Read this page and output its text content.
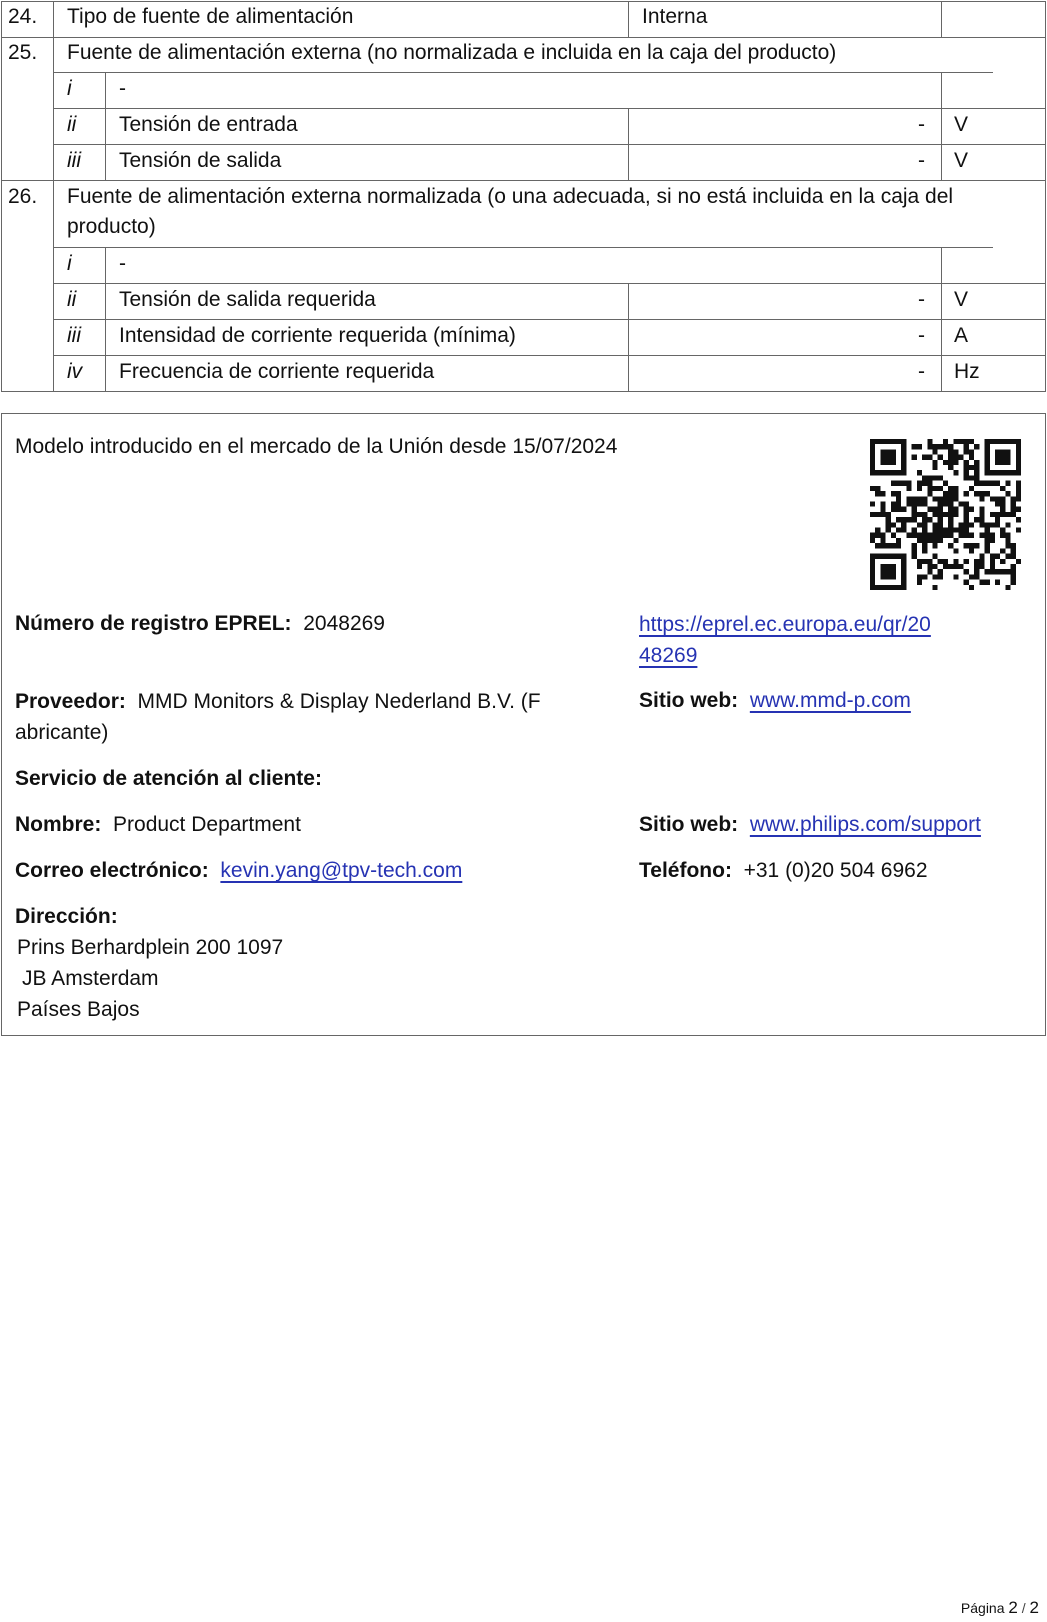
24. Tipo de fuente de alimentación	Interna
25. Fuente de alimentación externa (no normalizada e incluida en la caja del producto)
i -
ii Tensión de entrada	- V
iii Tensión de salida	- V
26. Fuente de alimentación externa normalizada (o una adecuada, si no está incluida en la caja del producto)
i -
ii Tensión de salida requerida	- V
iii Intensidad de corriente requerida (mínima)	- A
iv Frecuencia de corriente requerida	- Hz
Modelo introducido en el mercado de la Unión desde 15/07/2024
Número de registro EPREL: 2048269	https://eprel.ec.europa.eu/qr/20
48269
Proveedor: MMD Monitors & Display Nederland B.V. (F
abricante)
Sitio web: www.mmd-p.com
Servicio de atención al cliente:
Nombre: Product Department	Sitio web: www.philips.com/support
Correo electrónico: kevin.yang@tpv-tech.com	Teléfono: +31 (0)20 504 6962
Dirección:
Prins Berhardplein 200 1097
JB Amsterdam
Países Bajos
Página 2 / 2
